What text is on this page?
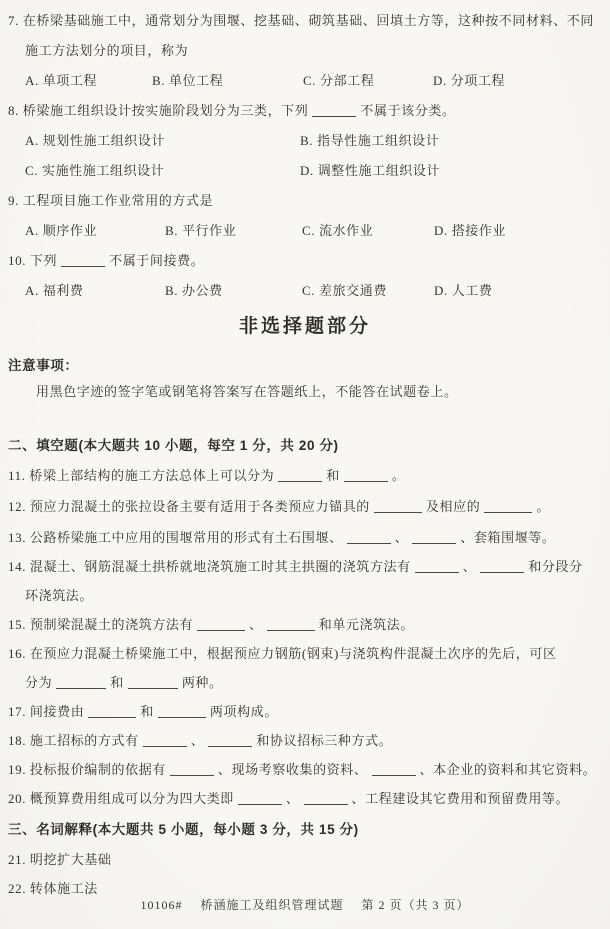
7. 在桥梁基础施工中，通常划分为围堰、挖基础、砌筑基础、回填土方等，这种按不同材料、不同
施工方法划分的项目，称为
A. 单项工程	B. 单位工程	C. 分部工程	D. 分项工程
8. 桥梁施工组织设计按实施阶段划分为三类，下列	不属于该分类。
A. 规划性施工组织设计	B. 指导性施工组织设计
C. 实施性施工组织设计	D. 调整性施工组织设计
9. 工程项目施工作业常用的方式是
A. 顺序作业	B. 平行作业	C. 流水作业	D. 搭接作业
10. 下列	不属于间接费。
A. 福利费	B. 办公费	C. 差旅交通费	D. 人工费
非选择题部分
注意事项：
用黑色字迹的签字笔或钢笔将答案写在答题纸上，不能答在试题卷上。
二、填空题(本大题共 10 小题，每空 1 分，共 20 分)
11. 桥梁上部结构的施工方法总体上可以分为	和	。
12. 预应力混凝土的张拉设备主要有适用于各类预应力锚具的	及相应的	。
13. 公路桥梁施工中应用的围堰常用的形式有土石围堰、	、	、套箱围堰等。
14. 混凝土、钢筋混凝土拱桥就地浇筑施工时其主拱圈的浇筑方法有	、	和分段分
环浇筑法。
15. 预制梁混凝土的浇筑方法有	、	和单元浇筑法。
16. 在预应力混凝土桥梁施工中，根据预应力钢筋(钢束)与浇筑构件混凝土次序的先后，可区
分为	和	两种。
17. 间接费由	和	两项构成。
18. 施工招标的方式有	、	和协议招标三种方式。
19. 投标报价编制的依据有	、现场考察收集的资料、	、本企业的资料和其它资料。
20. 概预算费用组成可以分为四大类即	、	、工程建设其它费用和预留费用等。
三、名词解释(本大题共 5 小题，每小题 3 分，共 15 分)
21. 明挖扩大基础
22. 转体施工法
10106# 桥涵施工及组织管理试题 第 2 页（共 3 页）
